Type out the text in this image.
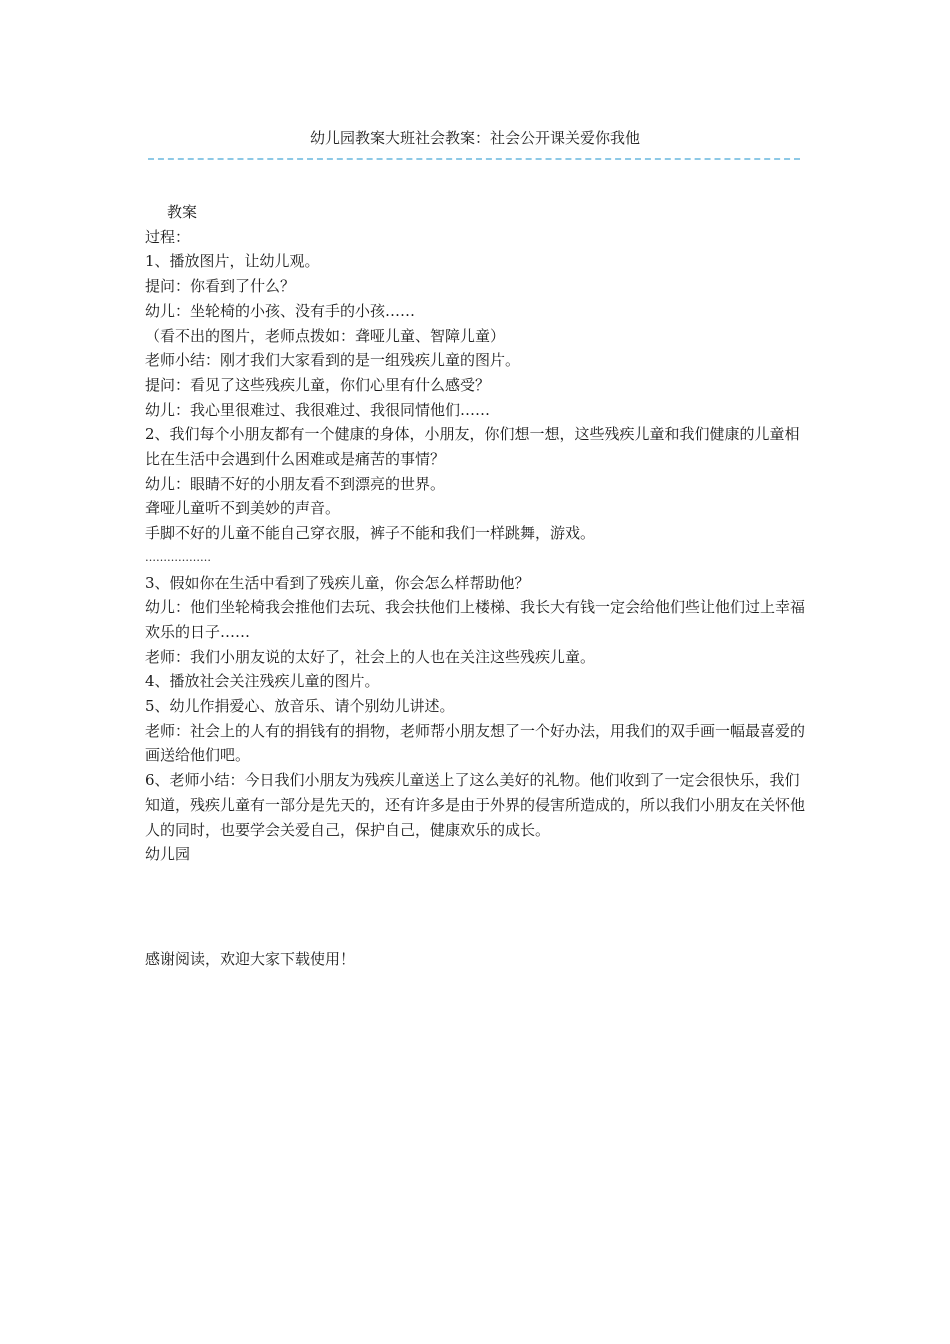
幼儿园教案大班社会教案：社会公开课关爱你我他

教案

过程：

1、播放图片，让幼儿观。

提问：你看到了什么？

幼儿：坐轮椅的小孩、没有手的小孩……

（看不出的图片，老师点拨如：聋哑儿童、智障儿童）

老师小结：刚才我们大家看到的是一组残疾儿童的图片。

提问：看见了这些残疾儿童，你们心里有什么感受？

幼儿：我心里很难过、我很难过、我很同情他们……

2、我们每个小朋友都有一个健康的身体，小朋友，你们想一想，这些残疾儿童和我们健康的儿童相比在生活中会遇到什么困难或是痛苦的事情？

幼儿：眼睛不好的小朋友看不到漂亮的世界。

聋哑儿童听不到美妙的声音。

手脚不好的儿童不能自己穿衣服，裤子不能和我们一样跳舞，游戏。

………………

3、假如你在生活中看到了残疾儿童，你会怎么样帮助他？

幼儿：他们坐轮椅我会推他们去玩、我会扶他们上楼梯、我长大有钱一定会给他们些让他们过上幸福欢乐的日子……

老师：我们小朋友说的太好了，社会上的人也在关注这些残疾儿童。

4、播放社会关注残疾儿童的图片。

5、幼儿作捐爱心、放音乐、请个别幼儿讲述。

老师：社会上的人有的捐钱有的捐物，老师帮小朋友想了一个好办法，用我们的双手画一幅最喜爱的画送给他们吧。

6、老师小结：今日我们小朋友为残疾儿童送上了这么美好的礼物。他们收到了一定会很快乐，我们知道，残疾儿童有一部分是先天的，还有许多是由于外界的侵害所造成的，所以我们小朋友在关怀他人的同时，也要学会关爱自己，保护自己，健康欢乐的成长。

幼儿园

感谢阅读，欢迎大家下载使用！
